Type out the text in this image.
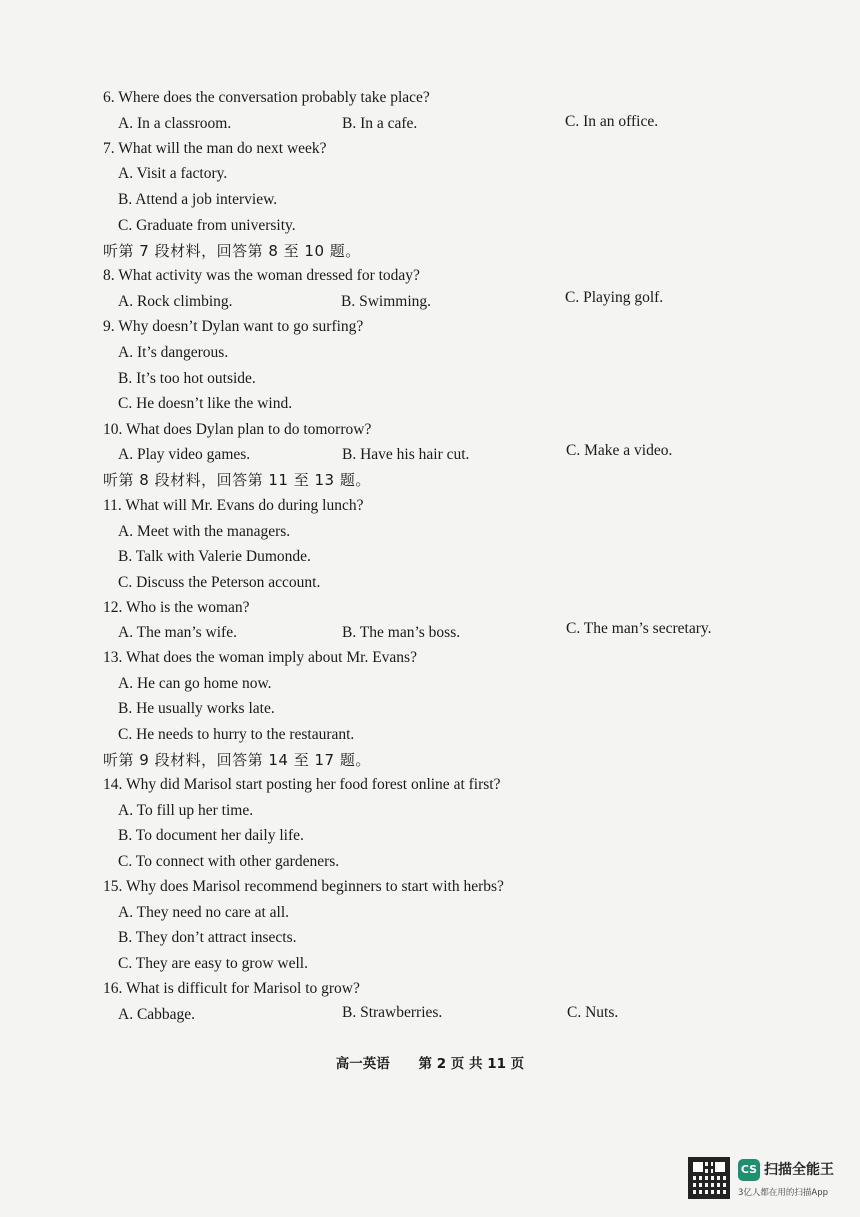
6. Where does the conversation probably take place?
A. In a classroom.	B. In a cafe.	C. In an office.
7. What will the man do next week?
A. Visit a factory.
B. Attend a job interview.
C. Graduate from university.
听第 7 段材料，回答第 8 至 10 题。
8. What activity was the woman dressed for today?
A. Rock climbing.	B. Swimming.	C. Playing golf.
9. Why doesn’t Dylan want to go surfing?
A. It’s dangerous.
B. It’s too hot outside.
C. He doesn’t like the wind.
10. What does Dylan plan to do tomorrow?
A. Play video games.	B. Have his hair cut.	C. Make a video.
听第 8 段材料，回答第 11 至 13 题。
11. What will Mr. Evans do during lunch?
A. Meet with the managers.
B. Talk with Valerie Dumonde.
C. Discuss the Peterson account.
12. Who is the woman?
A. The man’s wife.	B. The man’s boss.	C. The man’s secretary.
13. What does the woman imply about Mr. Evans?
A. He can go home now.
B. He usually works late.
C. He needs to hurry to the restaurant.
听第 9 段材料，回答第 14 至 17 题。
14. Why did Marisol start posting her food forest online at first?
A. To fill up her time.
B. To document her daily life.
C. To connect with other gardeners.
15. Why does Marisol recommend beginners to start with herbs?
A. They need no care at all.
B. They don’t attract insects.
C. They are easy to grow well.
16. What is difficult for Marisol to grow?
A. Cabbage.	B. Strawberries.	C. Nuts.
高一英语 第 2 页 共 11 页
CS 扫描全能王
3亿人都在用的扫描App
